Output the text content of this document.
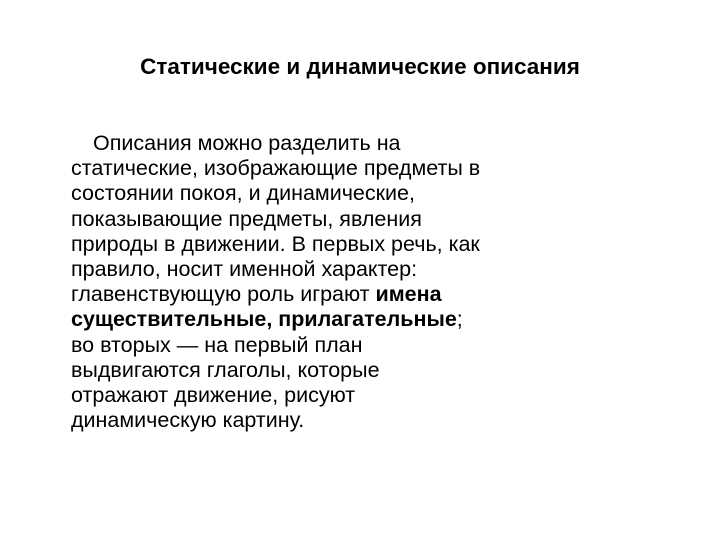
Статические и динамические описания
Описания можно разделить на
статические, изображающие предметы в
состоянии покоя, и динамические,
показывающие предметы, явления
природы в движении. В первых речь, как
правило, носит именной характер:
главенствующую роль играют имена
существительные, прилагательные;
во вторых — на первый план
выдвигаются глаголы, которые
отражают движение, рисуют
динамическую картину.
